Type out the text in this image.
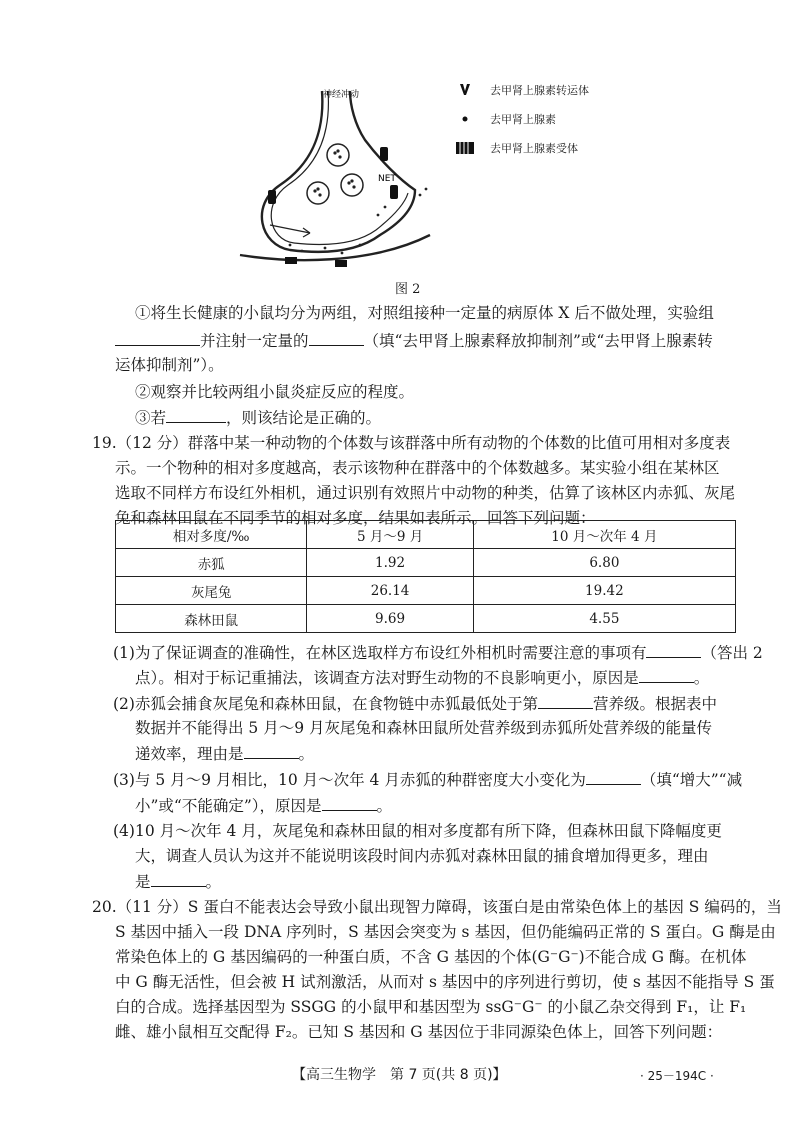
神经冲动
NET
去甲肾上腺素转运体
去甲肾上腺素
去甲肾上腺素受体
图 2
①将生长健康的小鼠均分为两组，对照组接种一定量的病原体 X 后不做处理，实验组
并注射一定量的	（填“去甲肾上腺素释放抑制剂”或“去甲肾上腺素转
运体抑制剂”）。
②观察并比较两组小鼠炎症反应的程度。
③若	，则该结论是正确的。
19.（12 分）群落中某一种动物的个体数与该群落中所有动物的个体数的比值可用相对多度表
示。一个物种的相对多度越高，表示该物种在群落中的个体数越多。某实验小组在某林区
选取不同样方布设红外相机，通过识别有效照片中动物的种类，估算了该林区内赤狐、灰尾
兔和森林田鼠在不同季节的相对多度，结果如表所示。回答下列问题：
相对多度/‰	5 月～9 月	10 月～次年 4 月
赤狐	1.92	6.80
灰尾兔	26.14	19.42
森林田鼠	9.69	4.55
(1)为了保证调查的准确性，在林区选取样方布设红外相机时需要注意的事项有	（答出 2
点）。相对于标记重捕法，该调查方法对野生动物的不良影响更小，原因是	。
(2)赤狐会捕食灰尾兔和森林田鼠，在食物链中赤狐最低处于第	营养级。根据表中
数据并不能得出 5 月～9 月灰尾兔和森林田鼠所处营养级到赤狐所处营养级的能量传
递效率，理由是	。
(3)与 5 月～9 月相比，10 月～次年 4 月赤狐的种群密度大小变化为	（填“增大”“减
小”或“不能确定”），原因是	。
(4)10 月～次年 4 月，灰尾兔和森林田鼠的相对多度都有所下降，但森林田鼠下降幅度更
大，调查人员认为这并不能说明该段时间内赤狐对森林田鼠的捕食增加得更多，理由
是	。
20.（11 分）S 蛋白不能表达会导致小鼠出现智力障碍，该蛋白是由常染色体上的基因 S 编码的，当
S 基因中插入一段 DNA 序列时，S 基因会突变为 s 基因，但仍能编码正常的 S 蛋白。G 酶是由
常染色体上的 G 基因编码的一种蛋白质，不含 G 基因的个体(G⁻G⁻)不能合成 G 酶。在机体
中 G 酶无活性，但会被 H 试剂激活，从而对 s 基因中的序列进行剪切，使 s 基因不能指导 S 蛋
白的合成。选择基因型为 SSGG 的小鼠甲和基因型为 ssG⁻G⁻ 的小鼠乙杂交得到 F₁，让 F₁
雌、雄小鼠相互交配得 F₂。已知 S 基因和 G 基因位于非同源染色体上，回答下列问题：
【高三生物学　第 7 页(共 8 页)】	· 25－194C ·
